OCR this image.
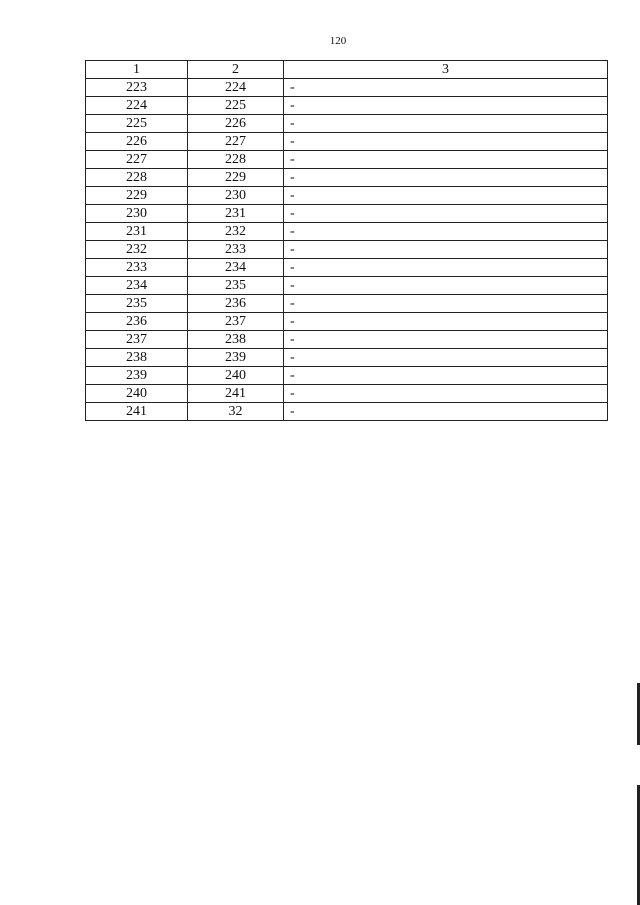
120
1	2	3
223	224	-
224	225	-
225	226	-
226	227	-
227	228	-
228	229	-
229	230	-
230	231	-
231	232	-
232	233	-
233	234	-
234	235	-
235	236	-
236	237	-
237	238	-
238	239	-
239	240	-
240	241	-
241	32	-
